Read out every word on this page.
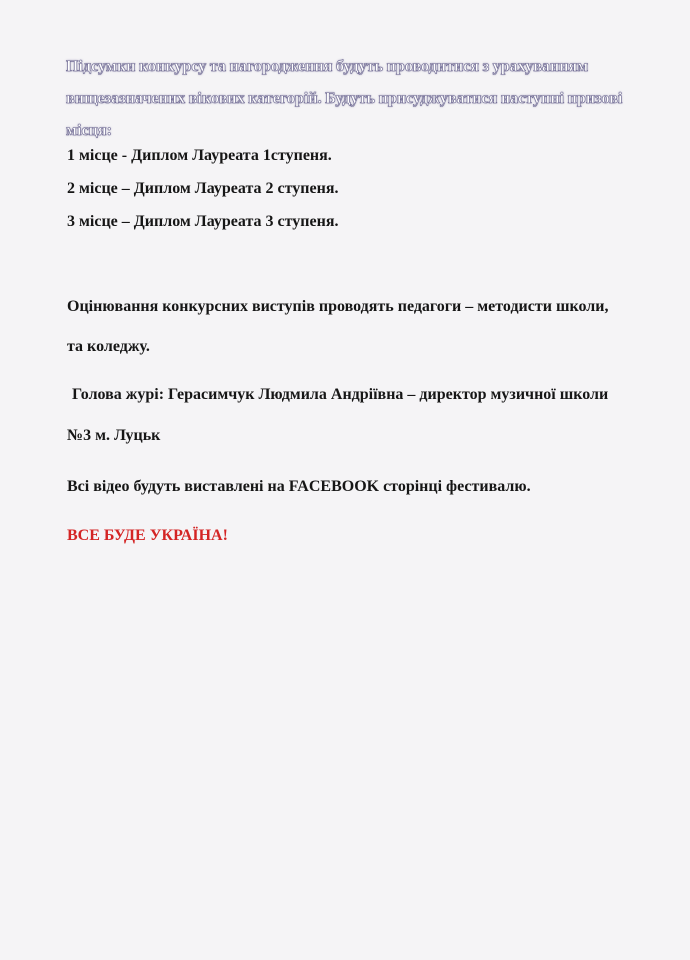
Підсумки конкурсу та нагородження будуть проводитися з урахуванням вищезазначених вікових категорій. Будуть присуджуватися наступні призові місця:
1 місце - Диплом Лауреата 1ступеня.
2 місце – Диплом Лауреата 2 ступеня.
3 місце – Диплом Лауреата 3 ступеня.
Оцінювання конкурсних виступів проводять педагоги – методисти школи,
та коледжу.
Голова журі: Герасимчук Людмила Андріївна – директор музичної школи
№3 м. Луцьк
Всі відео будуть виставлені на FACEBOOK сторінці фестивалю.
ВСЕ БУДЕ УКРАЇНА!
